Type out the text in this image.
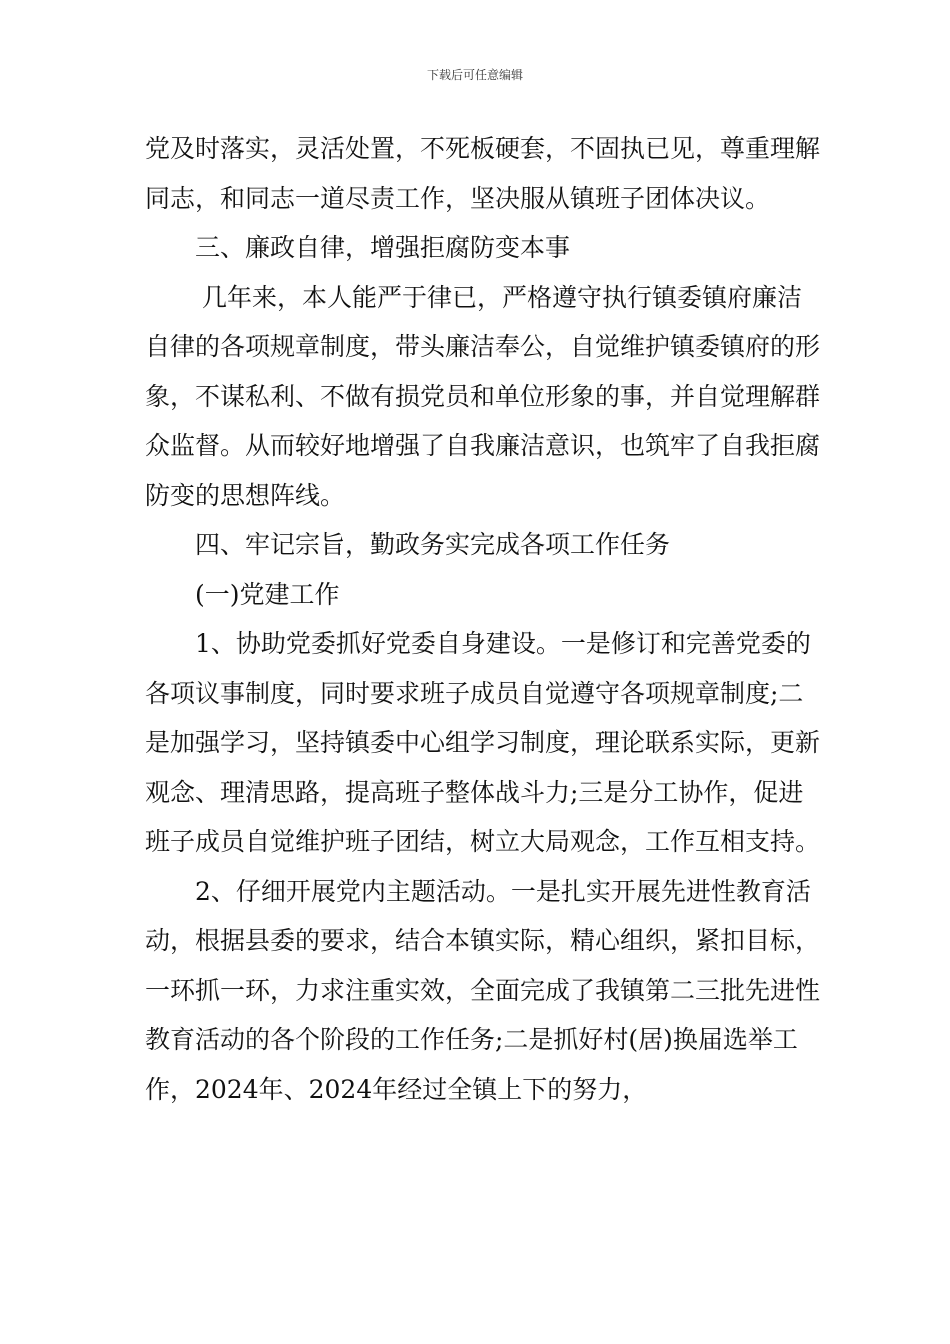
下载后可任意编辑

党及时落实，灵活处置，不死板硬套，不固执已见，尊重理解同志，和同志一道尽责工作，坚决服从镇班子团体决议。

三、廉政自律，增强拒腐防变本事

几年来，本人能严于律已，严格遵守执行镇委镇府廉洁自律的各项规章制度，带头廉洁奉公，自觉维护镇委镇府的形象，不谋私利、不做有损党员和单位形象的事，并自觉理解群众监督。从而较好地增强了自我廉洁意识，也筑牢了自我拒腐防变的思想阵线。

四、牢记宗旨，勤政务实完成各项工作任务

(一)党建工作

1、协助党委抓好党委自身建设。一是修订和完善党委的各项议事制度，同时要求班子成员自觉遵守各项规章制度;二是加强学习，坚持镇委中心组学习制度，理论联系实际，更新观念、理清思路，提高班子整体战斗力;三是分工协作，促进班子成员自觉维护班子团结，树立大局观念，工作互相支持。

2、仔细开展党内主题活动。一是扎实开展先进性教育活动，根据县委的要求，结合本镇实际，精心组织，紧扣目标，一环抓一环，力求注重实效，全面完成了我镇第二三批先进性教育活动的各个阶段的工作任务;二是抓好村(居)换届选举工作，2024年、2024年经过全镇上下的努力，
